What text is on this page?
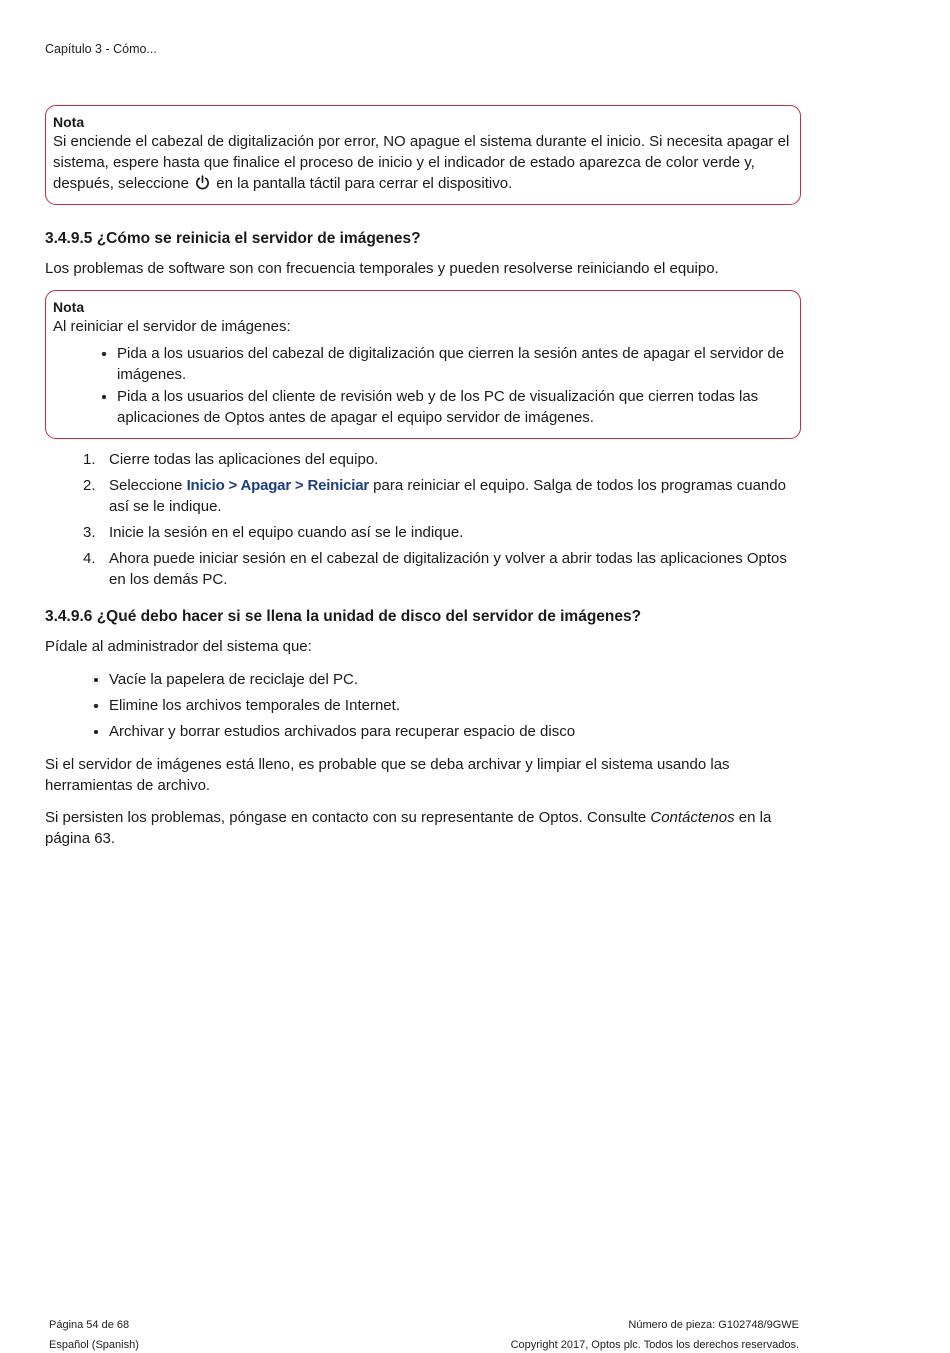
Capítulo 3 - Cómo...
Nota
Si enciende el cabezal de digitalización por error, NO apague el sistema durante el inicio. Si necesita apagar el sistema, espere hasta que finalice el proceso de inicio y el indicador de estado aparezca de color verde y, después, seleccione  en la pantalla táctil para cerrar el dispositivo.
3.4.9.5 ¿Cómo se reinicia el servidor de imágenes?

Los problemas de software son con frecuencia temporales y pueden resolverse reiniciando el equipo.

Nota
Al reiniciar el servidor de imágenes:
• Pida a los usuarios del cabezal de digitalización que cierren la sesión antes de apagar el servidor de imágenes.
• Pida a los usuarios del cliente de revisión web y de los PC de visualización que cierren todas las aplicaciones de Optos antes de apagar el equipo servidor de imágenes.
1. Cierre todas las aplicaciones del equipo.
2. Seleccione Inicio > Apagar > Reiniciar para reiniciar el equipo. Salga de todos los programas cuando así se le indique.
3. Inicie la sesión en el equipo cuando así se le indique.
4. Ahora puede iniciar sesión en el cabezal de digitalización y volver a abrir todas las aplicaciones Optos en los demás PC.
3.4.9.6 ¿Qué debo hacer si se llena la unidad de disco del servidor de imágenes?

Pídale al administrador del sistema que:

• Vacíe la papelera de reciclaje del PC.
• Elimine los archivos temporales de Internet.
• Archivar y borrar estudios archivados para recuperar espacio de disco

Si el servidor de imágenes está lleno, es probable que se deba archivar y limpiar el sistema usando las herramientas de archivo.

Si persisten los problemas, póngase en contacto con su representante de Optos. Consulte Contáctenos en la página 63.

Página 54 de 68
Español (Spanish)
Número de pieza: G102748/9GWE
Copyright 2017, Optos plc. Todos los derechos reservados.
